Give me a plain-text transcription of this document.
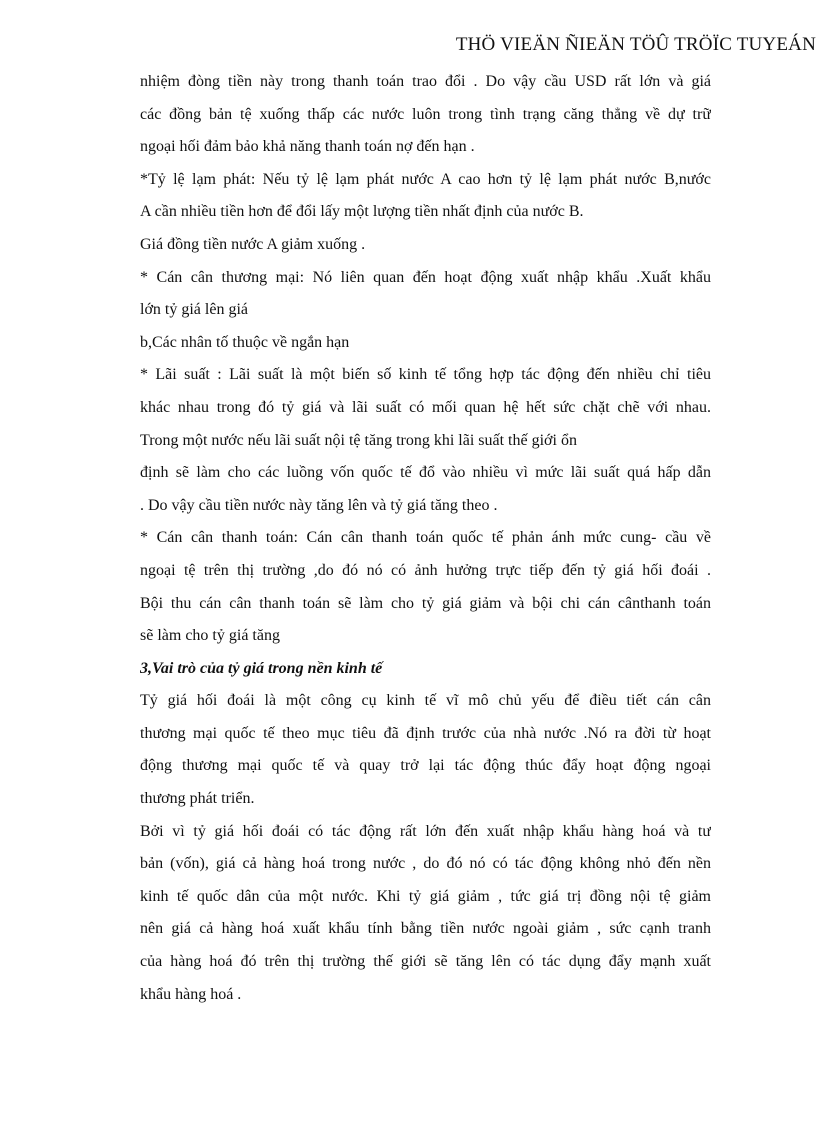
THÖ VIEÄN ÑIEÄN TÖÛ TRÖÏC TUYEÁN
nhiệm đòng tiền này trong thanh toán trao đổi . Do vậy cầu USD rất lớn và giá
các đồng bản tệ xuống thấp các nước luôn trong tình trạng căng thẳng về dự trữ
ngoại hối đảm bảo khả năng thanh toán nợ đến hạn .
*Tỷ lệ lạm phát: Nếu tỷ lệ lạm phát nước A cao hơn tỷ lệ lạm phát nước B,nước
A cần nhiều tiền hơn để đổi lấy một lượng tiền nhất định của nước B.
Giá đồng tiền nước A giảm xuống .
* Cán cân thương mại: Nó liên quan đến hoạt động xuất nhập khẩu .Xuất khẩu
lớn tỷ giá lên giá
b,Các nhân tố thuộc về ngắn hạn
* Lãi suất : Lãi suất là một biến số kinh tế tổng hợp tác động đến nhiều chỉ tiêu
khác nhau trong đó tỷ giá và lãi suất có mối quan hệ hết sức chặt chẽ với nhau.
Trong một nước nếu lãi suất nội tệ tăng trong khi lãi suất thế giới ổn
định sẽ làm cho các luồng vốn quốc tế đổ vào nhiều vì mức lãi suất quá hấp dẫn
. Do vậy cầu tiền nước này tăng lên và tỷ giá tăng theo .
* Cán cân thanh toán: Cán cân thanh toán quốc tế phản ánh mức cung- cầu về
ngoại tệ trên thị trường ,do đó nó có ảnh hưởng trực tiếp đến tỷ giá hối đoái .
Bội thu cán cân thanh toán sẽ làm cho tỷ giá giảm và bội chi cán cânthanh toán
sẽ làm cho tỷ giá tăng
3,Vai trò của tỷ giá trong nền kinh tế
Tỷ giá hối đoái là một công cụ kinh tế vĩ mô chủ yếu để điều tiết cán cân
thương mại quốc tế theo mục tiêu đã định trước của nhà nước .Nó ra đời từ hoạt
động thương mại quốc tế và quay trở lại tác động thúc đẩy hoạt động ngoại
thương phát triển.
Bởi vì tỷ giá hối đoái có tác động rất lớn đến xuất nhập khẩu hàng hoá và tư
bản (vốn), giá cả hàng hoá trong nước , do đó nó có tác động không nhỏ đến nền
kinh tế quốc dân của một nước. Khi tỷ giá giảm , tức giá trị đồng nội tệ giảm
nên giá cả hàng hoá xuất khẩu tính bằng tiền nước ngoài giảm , sức cạnh tranh
của hàng hoá đó trên thị trường thế giới sẽ tăng lên có tác dụng đẩy mạnh xuất
khẩu hàng hoá .
